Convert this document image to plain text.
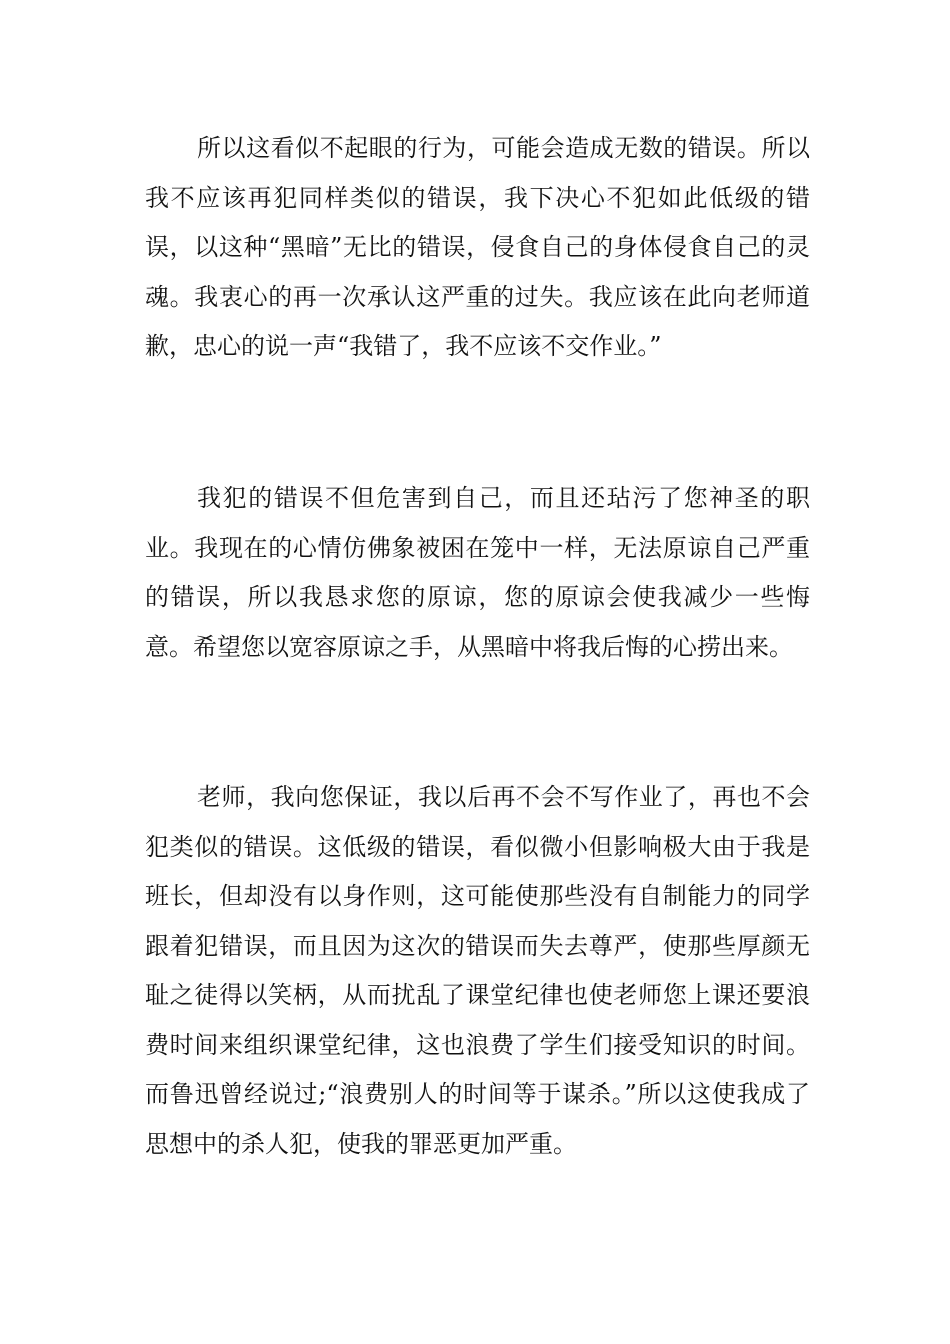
所以这看似不起眼的行为，可能会造成无数的错误。所以我不应该再犯同样类似的错误，我下决心不犯如此低级的错误，以这种“黑暗”无比的错误，侵食自己的身体侵食自己的灵魂。我衷心的再一次承认这严重的过失。我应该在此向老师道歉，忠心的说一声“我错了，我不应该不交作业。”

我犯的错误不但危害到自己，而且还玷污了您神圣的职业。我现在的心情仿佛象被困在笼中一样，无法原谅自己严重的错误，所以我恳求您的原谅，您的原谅会使我减少一些悔意。希望您以宽容原谅之手，从黑暗中将我后悔的心捞出来。

老师，我向您保证，我以后再不会不写作业了，再也不会犯类似的错误。这低级的错误，看似微小但影响极大由于我是班长，但却没有以身作则，这可能使那些没有自制能力的同学跟着犯错误，而且因为这次的错误而失去尊严，使那些厚颜无耻之徒得以笑柄，从而扰乱了课堂纪律也使老师您上课还要浪费时间来组织课堂纪律，这也浪费了学生们接受知识的时间。而鲁迅曾经说过;“浪费别人的时间等于谋杀。”所以这使我成了思想中的杀人犯，使我的罪恶更加严重。
